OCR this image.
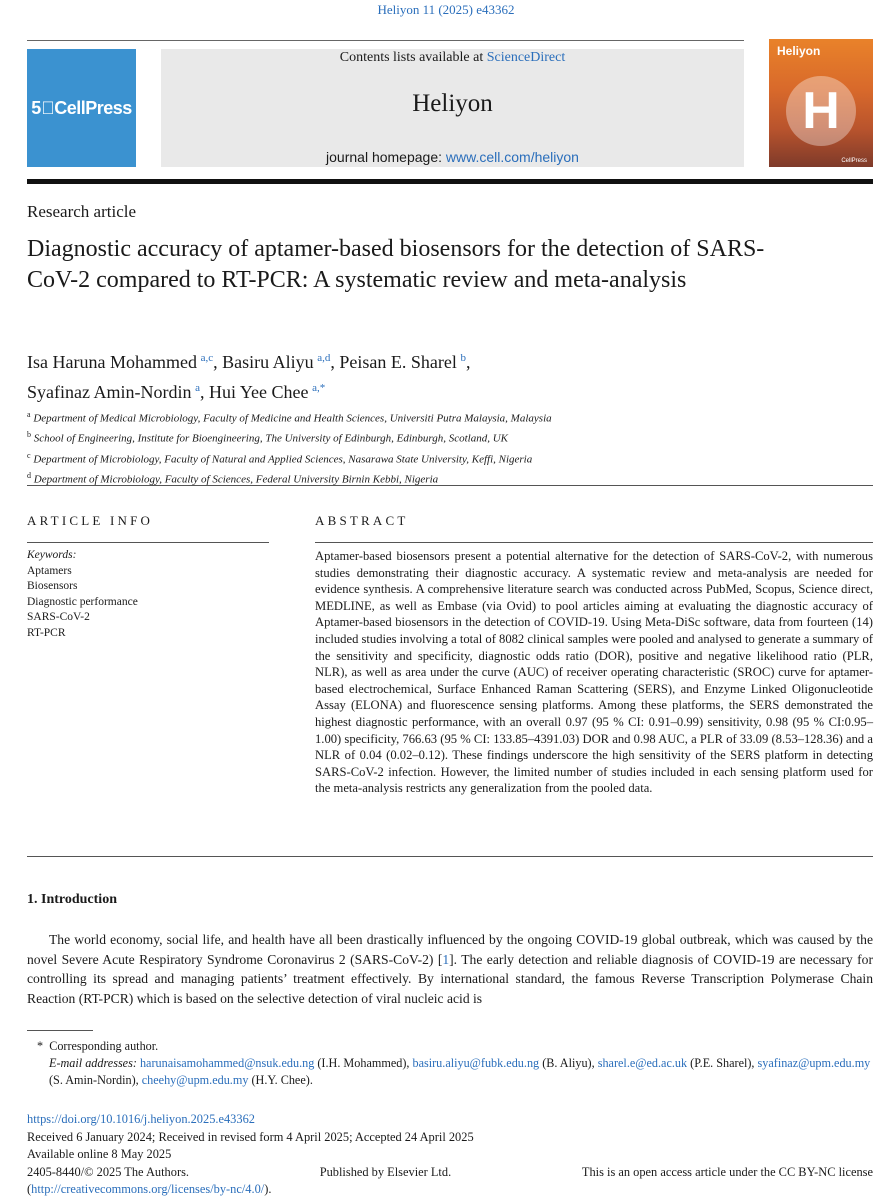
Heliyon 11 (2025) e43362
5⃝CellPress
Contents lists available at ScienceDirect
Heliyon
journal homepage: www.cell.com/heliyon
Heliyon
H
CellPress
Research article
Diagnostic accuracy of aptamer-based biosensors for the detection of SARS-CoV-2 compared to RT-PCR: A systematic review and meta-analysis
Isa Haruna Mohammed  $^{a,c}$, Basiru Aliyu  $^{a,d}$, Peisan E. Sharel  $^b$,
Syafinaz Amin-Nordin  $^a$, Hui Yee Chee  $^{a,*}$
$^a$ Department of Medical Microbiology, Faculty of Medicine and Health Sciences, Universiti Putra Malaysia, Malaysia
$^b$ School of Engineering, Institute for Bioengineering, The University of Edinburgh, Edinburgh, Scotland, UK
$^c$ Department of Microbiology, Faculty of Natural and Applied Sciences, Nasarawa State University, Keffi, Nigeria
$^d$ Department of Microbiology, Faculty of Sciences, Federal University Birnin Kebbi, Nigeria
ARTICLE INFO	ABSTRACT
Keywords:
Aptamers
Biosensors
Diagnostic performance
SARS-CoV-2
RT-PCR
Aptamer-based biosensors present a potential alternative for the detection of SARS-CoV-2, with numerous studies demonstrating their diagnostic accuracy. A systematic review and meta-analysis are needed for evidence synthesis. A comprehensive literature search was conducted across PubMed, Scopus, Science direct, MEDLINE, as well as Embase (via Ovid) to pool articles aiming at evaluating the diagnostic accuracy of Aptamer-based biosensors in the detection of COVID-19. Using Meta-DiSc software, data from fourteen (14) included studies involving a total of 8082 clinical samples were pooled and analysed to generate a summary of the sensitivity and specificity, diagnostic odds ratio (DOR), positive and negative likelihood ratio (PLR, NLR), as well as area under the curve (AUC) of receiver operating characteristic (SROC) curve for aptamer-based electrochemical, Surface Enhanced Raman Scattering (SERS), and Enzyme Linked Oligonucleotide Assay (ELONA) and fluorescence sensing platforms. Among these platforms, the SERS demonstrated the highest diagnostic performance, with an overall 0.97 (95 % CI: 0.91–0.99) sensitivity, 0.98 (95 % CI:0.95–1.00) specificity, 766.63 (95 % CI: 133.85–4391.03) DOR and 0.98 AUC, a PLR of 33.09 (8.53–128.36) and a NLR of 0.04 (0.02–0.12). These findings underscore the high sensitivity of the SERS platform in detecting SARS-CoV-2 infection. However, the limited number of studies included in each sensing platform used for the meta-analysis restricts any generalization from the pooled data.
1. Introduction
The world economy, social life, and health have all been drastically influenced by the ongoing COVID-19 global outbreak, which was caused by the novel Severe Acute Respiratory Syndrome Coronavirus 2 (SARS-CoV-2) [1]. The early detection and reliable diagnosis of COVID-19 are necessary for controlling its spread and managing patients’ treatment effectively. By international standard, the famous Reverse Transcription Polymerase Chain Reaction (RT-PCR) which is based on the selective detection of viral nucleic acid is
* Corresponding author.
E-mail addresses: harunaisamohammed@nsuk.edu.ng (I.H. Mohammed), basiru.aliyu@fubk.edu.ng (B. Aliyu), sharel.e@ed.ac.uk (P.E. Sharel), syafinaz@upm.edu.my (S. Amin-Nordin), cheehy@upm.edu.my (H.Y. Chee).
https://doi.org/10.1016/j.heliyon.2025.e43362
Received 6 January 2024; Received in revised form 4 April 2025; Accepted 24 April 2025
Available online 8 May 2025
2405-8440/© 2025 The Authors.	Published by Elsevier Ltd.	This is an open access article under the CC BY-NC license
(http://creativecommons.org/licenses/by-nc/4.0/).
